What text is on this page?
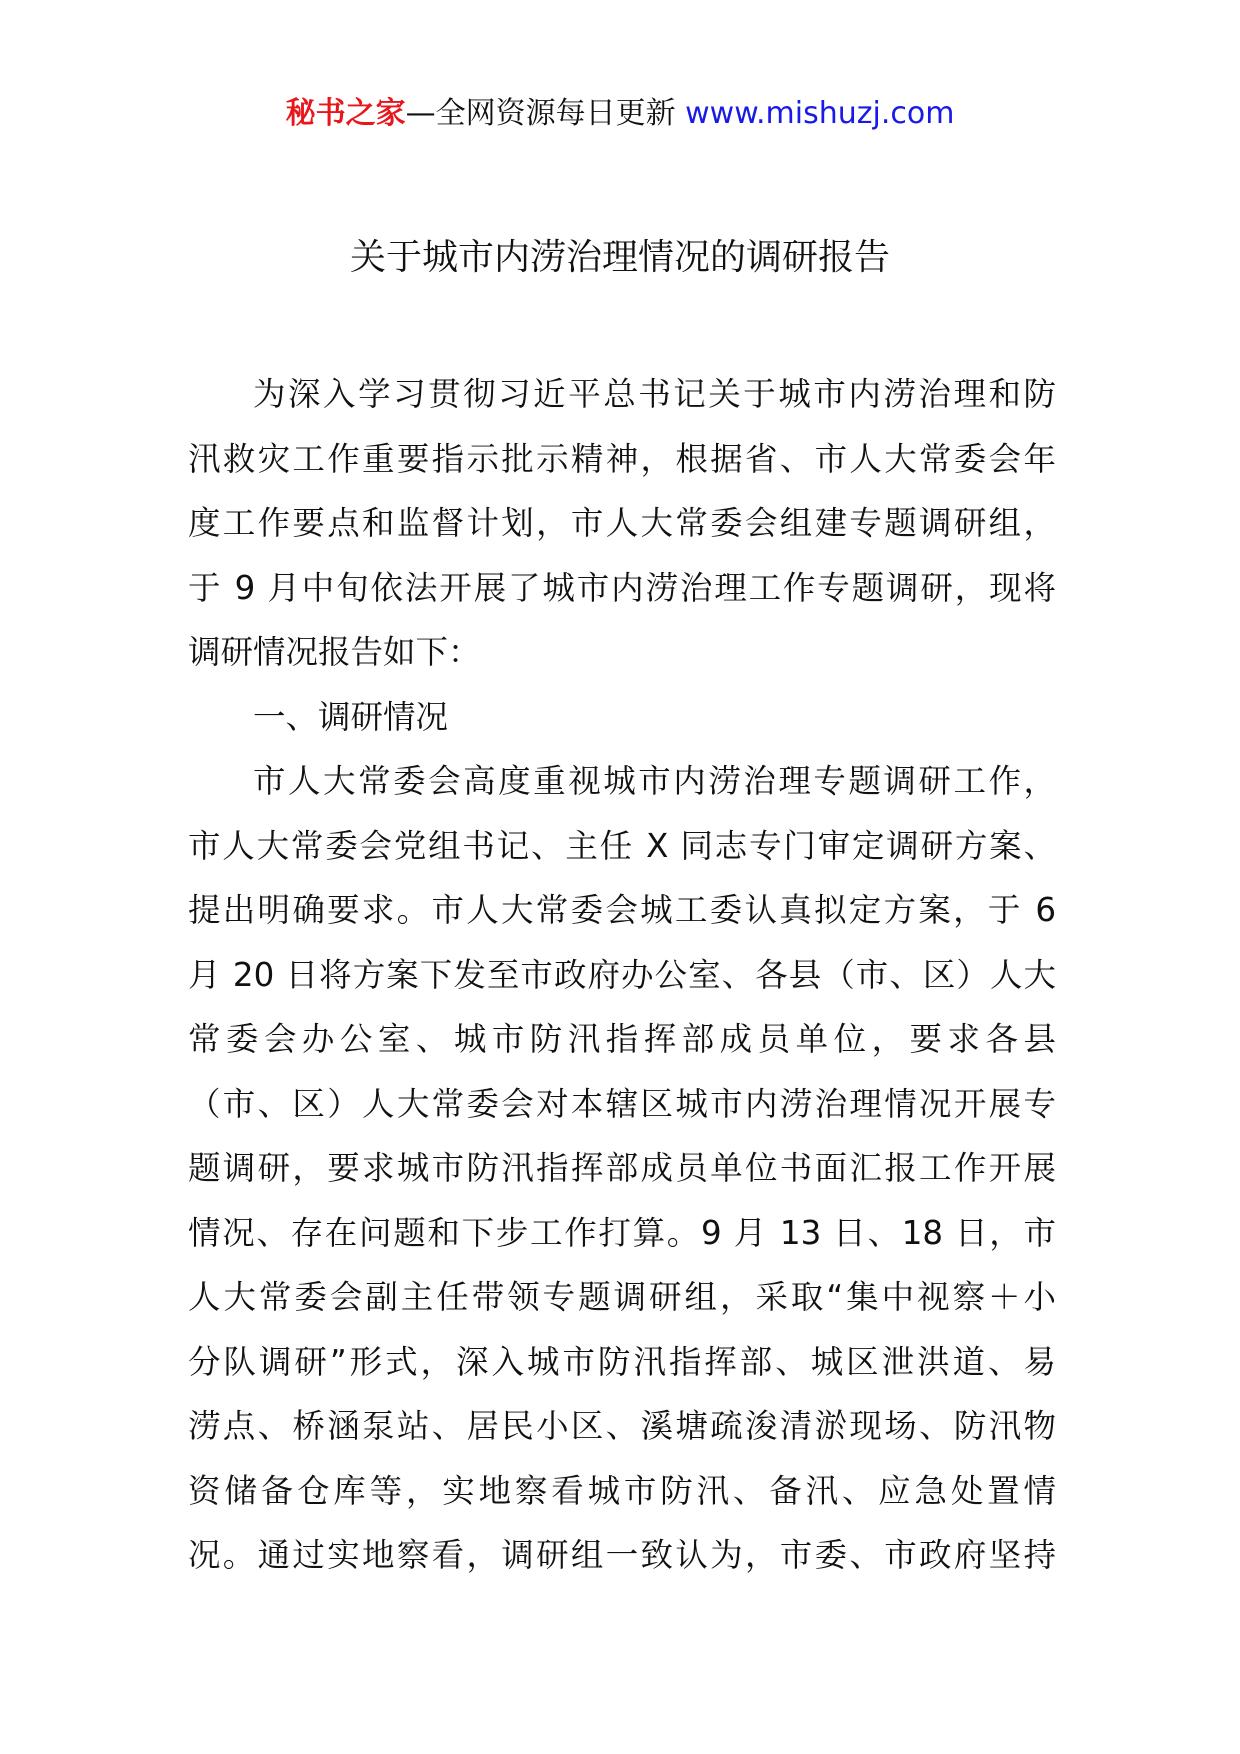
秘书之家—全网资源每日更新 www.mishuzj.com
关于城市内涝治理情况的调研报告
为深入学习贯彻习近平总书记关于城市内涝治理和防
汛救灾工作重要指示批示精神，根据省、市人大常委会年
度工作要点和监督计划，市人大常委会组建专题调研组，
于 9 月中旬依法开展了城市内涝治理工作专题调研，现将
调研情况报告如下：
一、调研情况
市人大常委会高度重视城市内涝治理专题调研工作，
市人大常委会党组书记、主任 X 同志专门审定调研方案、
提出明确要求。市人大常委会城工委认真拟定方案，于 6
月 20 日将方案下发至市政府办公室、各县（市、区）人大
常委会办公室、城市防汛指挥部成员单位，要求各县
（市、区）人大常委会对本辖区城市内涝治理情况开展专
题调研，要求城市防汛指挥部成员单位书面汇报工作开展
情况、存在问题和下步工作打算。9 月 13 日、18 日，市
人大常委会副主任带领专题调研组，采取“集中视察＋小
分队调研”形式，深入城市防汛指挥部、城区泄洪道、易
涝点、桥涵泵站、居民小区、溪塘疏浚清淤现场、防汛物
资储备仓库等，实地察看城市防汛、备汛、应急处置情
况。通过实地察看，调研组一致认为，市委、市政府坚持
